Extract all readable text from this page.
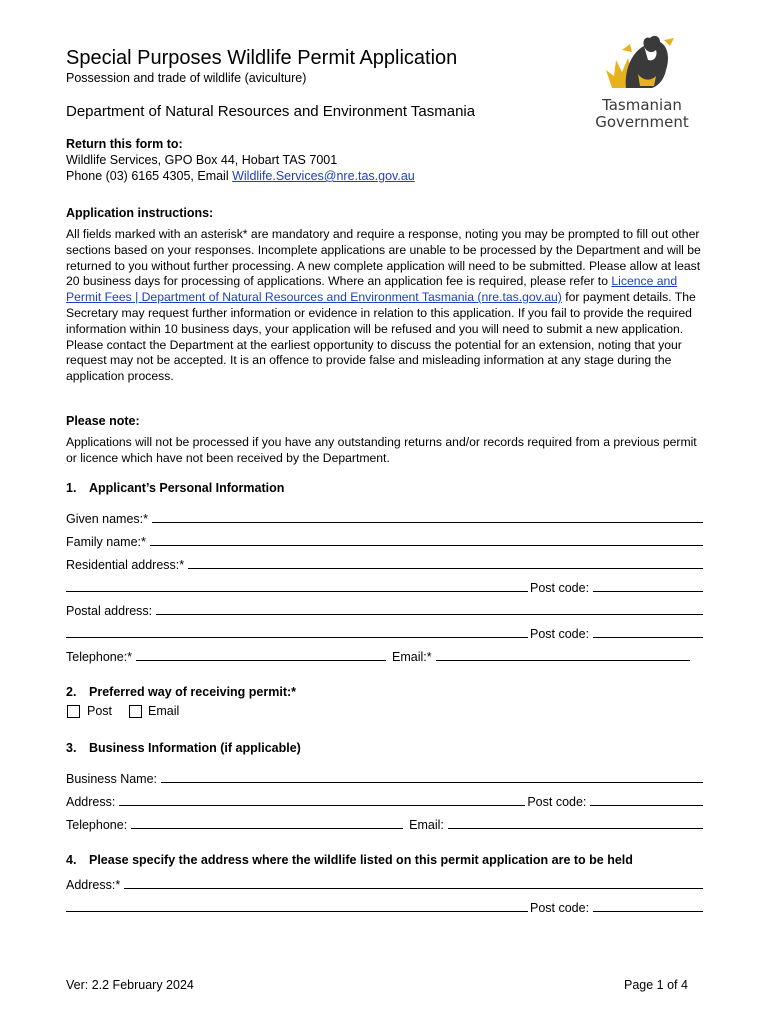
Special Purposes Wildlife Permit Application
Possession and trade of wildlife (aviculture)
Department of Natural Resources and Environment Tasmania	Tasmanian
Government
Return this form to:
Wildlife Services, GPO Box 44, Hobart TAS 7001
Phone (03) 6165 4305, Email Wildlife.Services@nre.tas.gov.au
Application instructions:
All fields marked with an asterisk* are mandatory and require a response, noting you may be prompted to fill out other sections based on your responses. Incomplete applications are unable to be processed by the Department and will be returned to you without further processing. A new complete application will need to be submitted. Please allow at least 20 business days for processing of applications. Where an application fee is required, please refer to Licence and Permit Fees | Department of Natural Resources and Environment Tasmania (nre.tas.gov.au) for payment details. The Secretary may request further information or evidence in relation to this application. If you fail to provide the required information within 10 business days, your application will be refused and you will need to submit a new application. Please contact the Department at the earliest opportunity to discuss the potential for an extension, noting that your request may not be accepted. It is an offence to provide false and misleading information at any stage during the application process.
Please note:
Applications will not be processed if you have any outstanding returns and/or records required from a previous permit or licence which have not been received by the Department.
1. Applicant’s Personal Information
Given names:*
Family name:*
Residential address:*
Post code:
Postal address:
Post code:
Telephone:*	Email:*
2. Preferred way of receiving permit:*
Post	Email
3. Business Information (if applicable)
Business Name:
Address:	Post code:
Telephone:	Email:
4. Please specify the address where the wildlife listed on this permit application are to be held
Address:*
Post code:
Ver: 2.2 February 2024	Page 1 of 4
